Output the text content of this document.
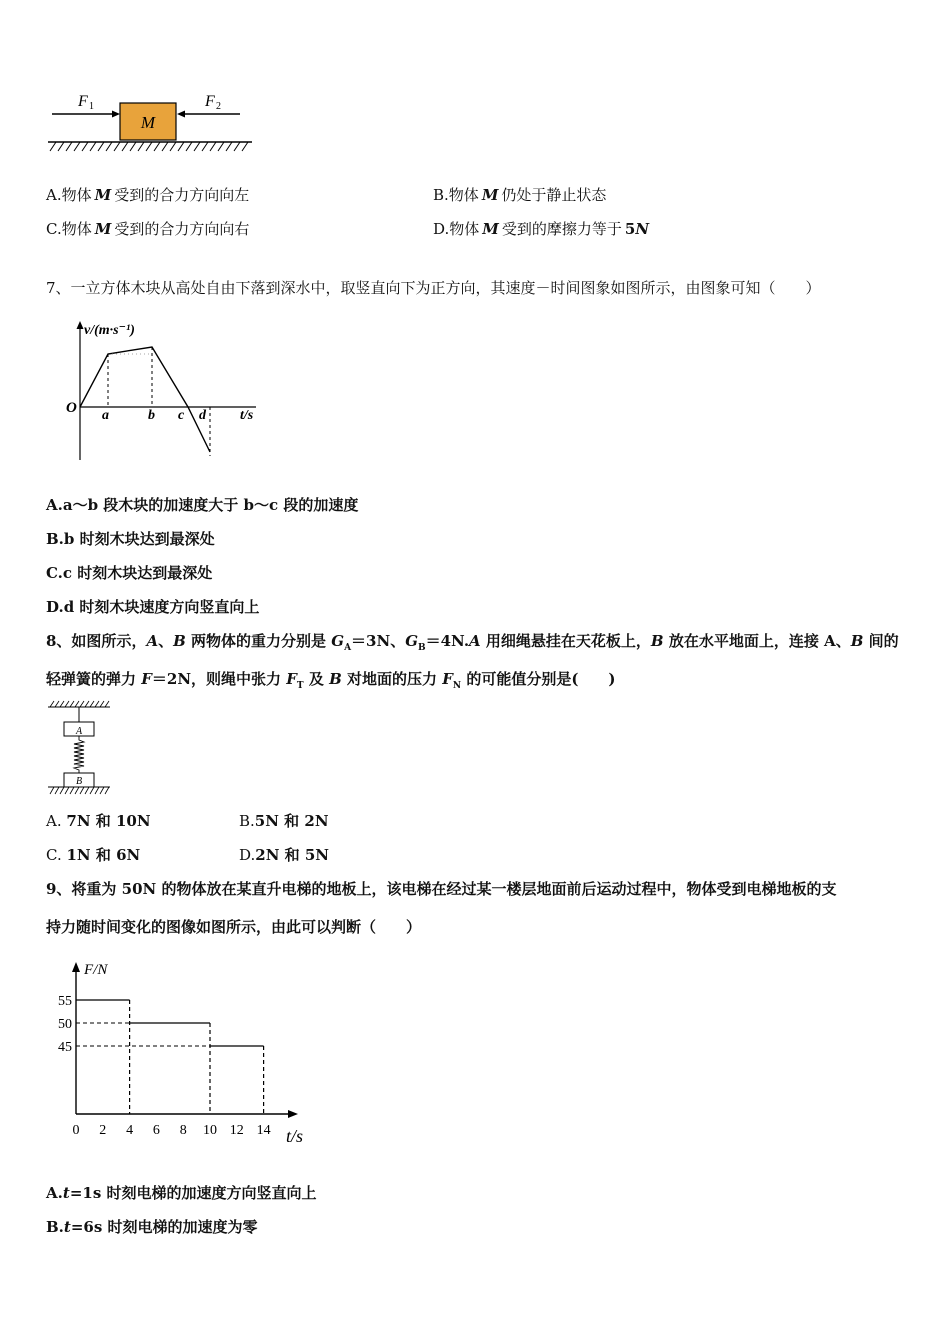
M
F 1	F 2
A.物体 M 受到的合力方向向左	B.物体 M 仍处于静止状态
C.物体 M 受到的合力方向向右	D.物体 M 受到的摩擦力等于 5N
7、一立方体木块从高处自由下落到深水中，取竖直向下为正方向，其速度－时间图象如图所示，由图象可知（　　）
v/(m·s⁻¹)
O	t/s
a	b c d
A.a～b 段木块的加速度大于 b～c 段的加速度
B.b 时刻木块达到最深处
C.c 时刻木块达到最深处
D.d 时刻木块速度方向竖直向上
8、如图所示，A、B 两物体的重力分别是 $G_A=3N$、$G_B=4N.A$ 用细绳悬挂在天花板上，B 放在水平地面上，连接 A、B 间的
轻弹簧的弹力 F＝2N，则绳中张力 $F_T$ 及 B 对地面的压力 $F_N$ 的可能值分别是(　　)
A
B
A. 7N 和 10N	B.5N 和 2N
C. 1N 和 6N	D.2N 和 5N
9、将重为 50N 的物体放在某直升电梯的地板上，该电梯在经过某一楼层地面前后运动过程中，物体受到电梯地板的支
持力随时间变化的图像如图所示，由此可以判断（　　）
F/N
t/s
55
50
45
0 2 4 6 8 10 12 14
A.t=1s 时刻电梯的加速度方向竖直向上
B.t=6s 时刻电梯的加速度为零
